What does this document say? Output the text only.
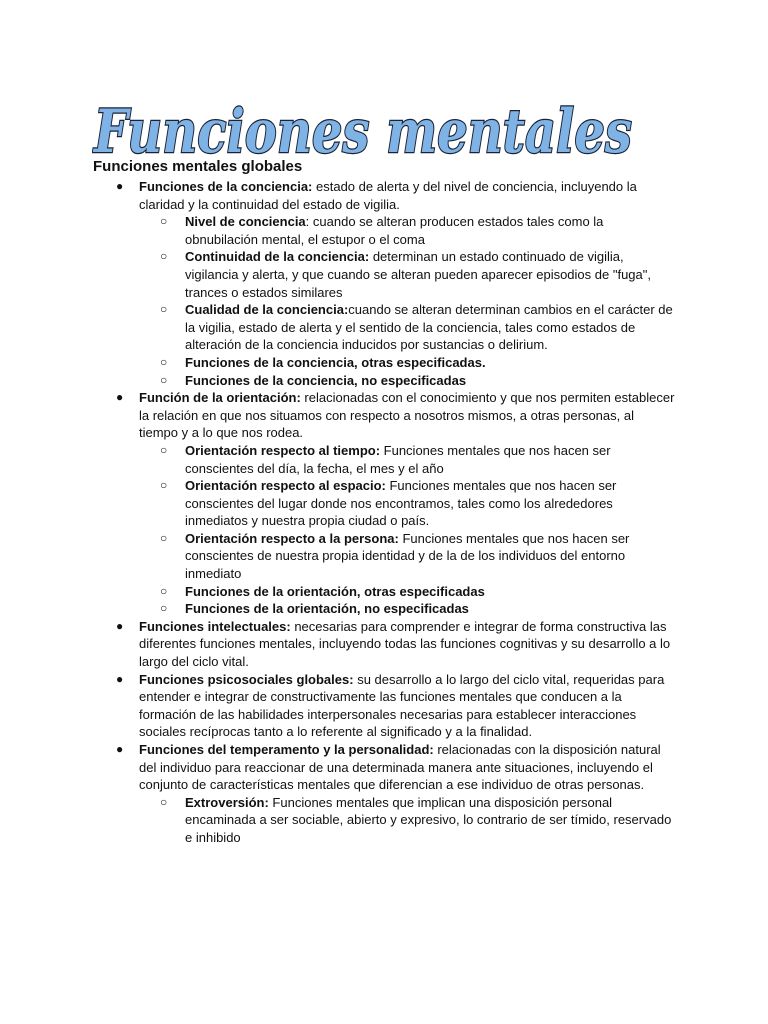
Funciones mentales
Funciones mentales globales
● Funciones de la conciencia: estado de alerta y del nivel de conciencia, incluyendo la claridad y la continuidad del estado de vigilia.
○ Nivel de conciencia: cuando se alteran producen estados tales como la obnubilación mental, el estupor o el coma
○ Continuidad de la conciencia: determinan un estado continuado de vigilia, vigilancia y alerta, y que cuando se alteran pueden aparecer episodios de "fuga", trances o estados similares
○ Cualidad de la conciencia:cuando se alteran determinan cambios en el carácter de la vigilia, estado de alerta y el sentido de la conciencia, tales como estados de alteración de la conciencia inducidos por sustancias o delirium.
○ Funciones de la conciencia, otras especificadas.
○ Funciones de la conciencia, no especificadas
● Función de la orientación: relacionadas con el conocimiento y que nos permiten establecer la relación en que nos situamos con respecto a nosotros mismos, a otras personas, al tiempo y a lo que nos rodea.
○ Orientación respecto al tiempo: Funciones mentales que nos hacen ser conscientes del día, la fecha, el mes y el año
○ Orientación respecto al espacio: Funciones mentales que nos hacen ser conscientes del lugar donde nos encontramos, tales como los alrededores inmediatos y nuestra propia ciudad o país.
○ Orientación respecto a la persona: Funciones mentales que nos hacen ser conscientes de nuestra propia identidad y de la de los individuos del entorno inmediato
○ Funciones de la orientación, otras especificadas
○ Funciones de la orientación, no especificadas
● Funciones intelectuales: necesarias para comprender e integrar de forma constructiva las diferentes funciones mentales, incluyendo todas las funciones cognitivas y su desarrollo a lo largo del ciclo vital.
● Funciones psicosociales globales: su desarrollo a lo largo del ciclo vital, requeridas para entender e integrar de constructivamente las funciones mentales que conducen a la formación de las habilidades interpersonales necesarias para establecer interacciones sociales recíprocas tanto a lo referente al significado y a la finalidad.
● Funciones del temperamento y la personalidad: relacionadas con la disposición natural del individuo para reaccionar de una determinada manera ante situaciones, incluyendo el conjunto de características mentales que diferencian a ese individuo de otras personas.
○ Extroversión: Funciones mentales que implican una disposición personal encaminada a ser sociable, abierto y expresivo, lo contrario de ser tímido, reservado e inhibido
